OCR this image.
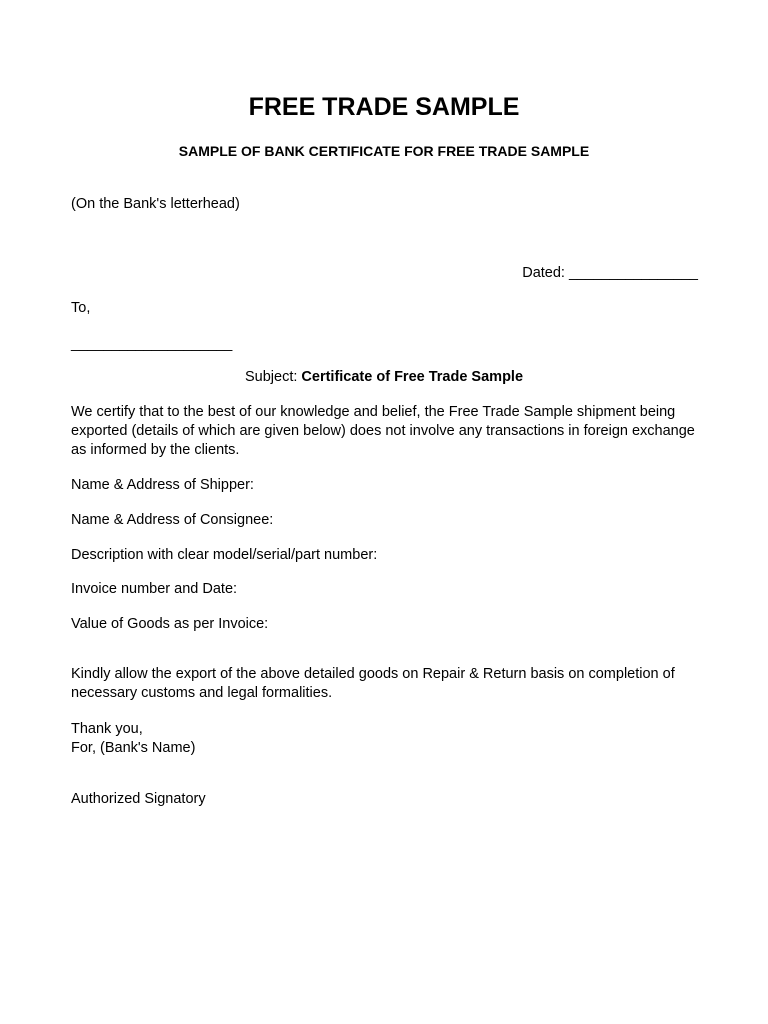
FREE TRADE SAMPLE
SAMPLE OF BANK CERTIFICATE FOR FREE TRADE SAMPLE
(On the Bank's letterhead)
Dated: ________________
To,
____________________
Subject: Certificate of Free Trade Sample
We certify that to the best of our knowledge and belief, the Free Trade Sample shipment being exported (details of which are given below) does not involve any transactions in foreign exchange as informed by the clients.
Name & Address of Shipper:
Name & Address of Consignee:
Description with clear model/serial/part number:
Invoice number and Date:
Value of Goods as per Invoice:
Kindly allow the export of the above detailed goods on Repair & Return basis on completion of necessary customs and legal formalities.
Thank you,
For, (Bank's Name)
Authorized Signatory
